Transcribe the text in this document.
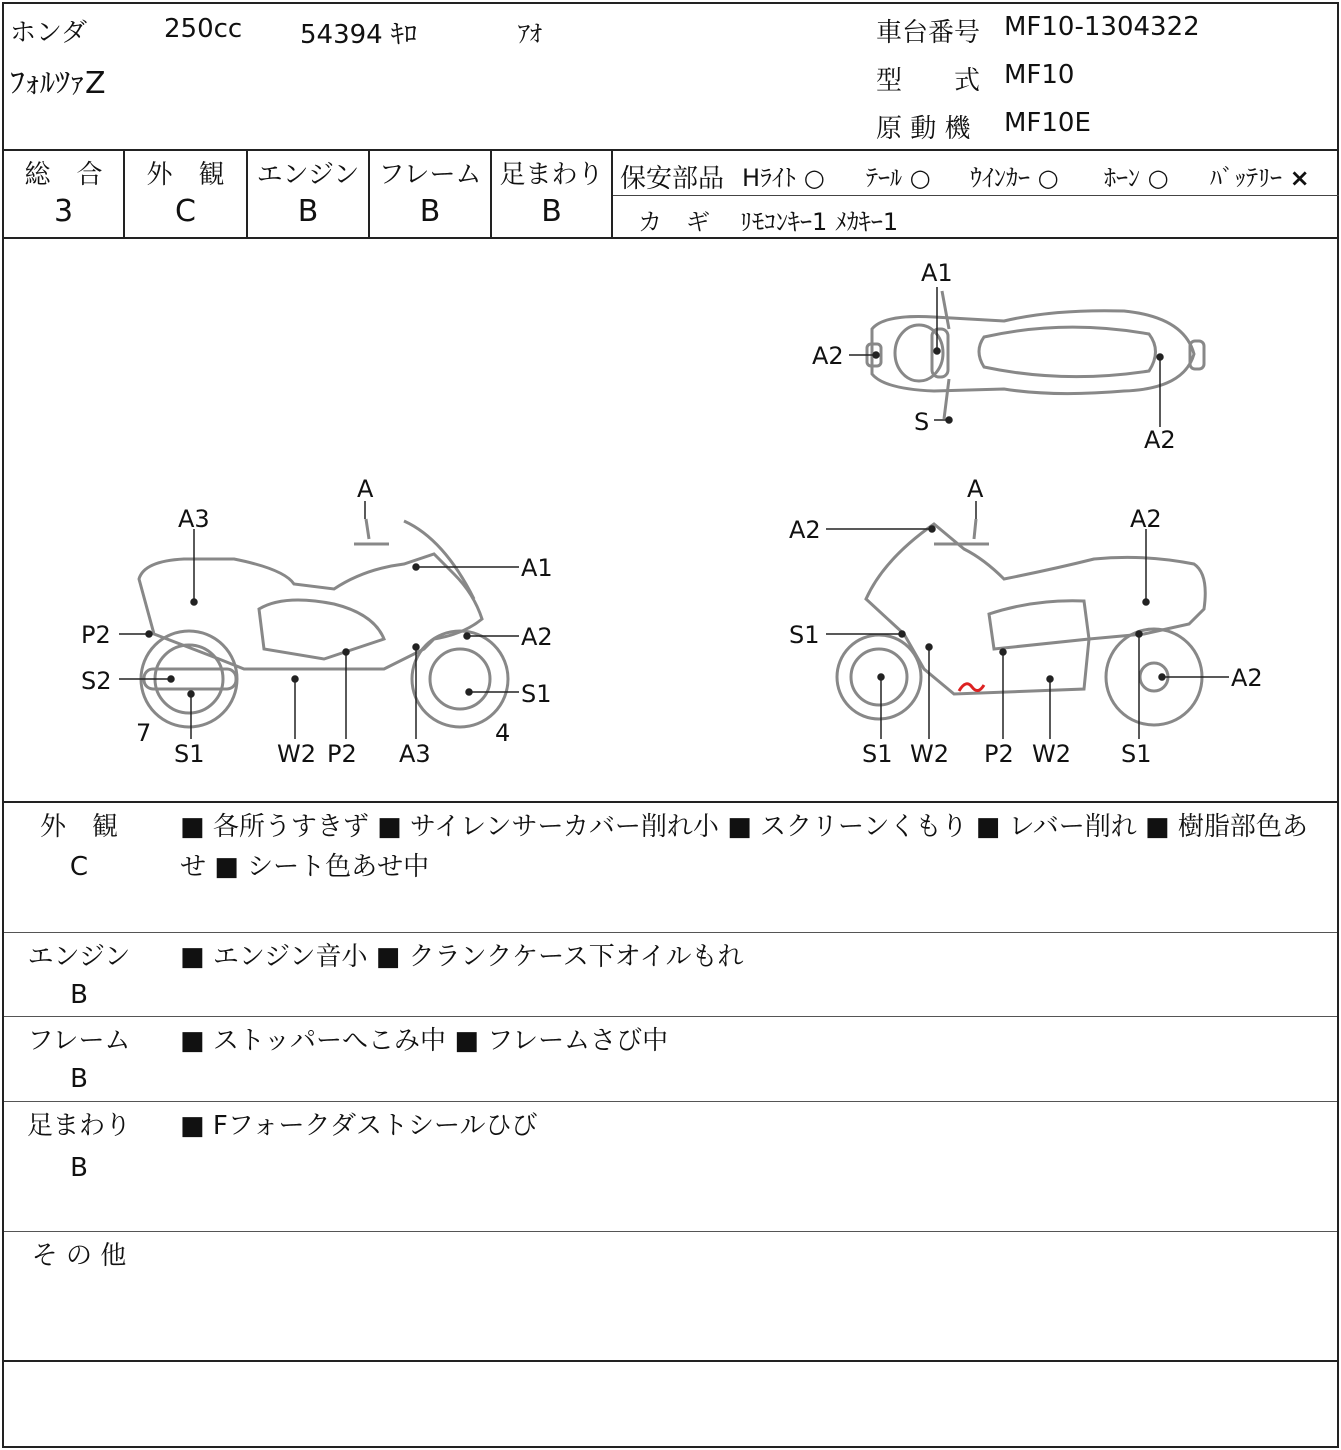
ホンダ	250cc 54394 ｷﾛ	ｱｵ
ﾌｫﾙﾂｧZ
車台番号 MF10-1304322
型　　式 MF10
原 動 機 MF10E
総　合
3
外　観
C
エンジン
B
フレーム
B
足まわり
B
保安部品 Hﾗｲﾄ ○ ﾃｰﾙ ○ ｳｲﾝｶｰ ○ ﾎｰﾝ ○ ﾊﾞｯﾃﾘｰ ×
カ　ギ ﾘﾓｺﾝｷｰ1 ﾒｶｷｰ1
A1
A2
S
A2
A
A3
A1
P2	A2
S2	S1
7
S1	W2 P2 A3
4
A
A2	A2
S1
A2
S1 W2 P2 W2 S1
外　観
C
■ 各所うすきず ■ サイレンサーカバー削れ小 ■ スクリーンくもり ■ レバー削れ ■ 樹脂部色あせ ■ シート色あせ中
エンジン
B
■ エンジン音小 ■ クランクケース下オイルもれ
フレーム
B
■ ストッパーへこみ中 ■ フレームさび中
足まわり
B
■ Fフォークダストシールひび
そ の 他
